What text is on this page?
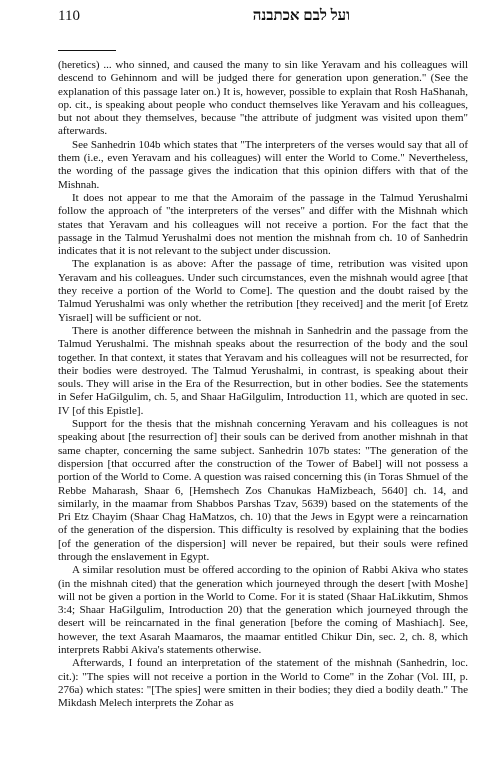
110	ועל לבם אכתבנה

(heretics) ... who sinned, and caused the many to sin like Yeravam and his colleagues will descend to Gehinnom and will be judged there for generation upon generation." (See the explanation of this passage later on.) It is, however, possible to explain that Rosh HaShanah, op. cit., is speaking about people who conduct themselves like Yeravam and his colleagues, but not about they themselves, because "the attribute of judgment was visited upon them" afterwards.

See Sanhedrin 104b which states that "The interpreters of the verses would say that all of them (i.e., even Yeravam and his colleagues) will enter the World to Come." Nevertheless, the wording of the passage gives the indication that this opinion differs with that of the Mishnah.

It does not appear to me that the Amoraim of the passage in the Talmud Yerushalmi follow the approach of "the interpreters of the verses" and differ with the Mishnah which states that Yeravam and his colleagues will not receive a portion. For the fact that the passage in the Talmud Yerushalmi does not mention the mishnah from ch. 10 of Sanhedrin indicates that it is not relevant to the subject under discussion.

The explanation is as above: After the passage of time, retribution was visited upon Yeravam and his colleagues. Under such circumstances, even the mishnah would agree [that they receive a portion of the World to Come]. The question and the doubt raised by the Talmud Yerushalmi was only whether the retribution [they received] and the merit [of Eretz Yisrael] will be sufficient or not.

There is another difference between the mishnah in Sanhedrin and the passage from the Talmud Yerushalmi. The mishnah speaks about the resurrection of the body and the soul together. In that context, it states that Yeravam and his colleagues will not be resurrected, for their bodies were destroyed. The Talmud Yerushalmi, in contrast, is speaking about their souls. They will arise in the Era of the Resurrection, but in other bodies. See the statements in Sefer HaGilgulim, ch. 5, and Shaar HaGilgulim, Introduction 11, which are quoted in sec. IV [of this Epistle].

Support for the thesis that the mishnah concerning Yeravam and his colleagues is not speaking about [the resurrection of] their souls can be derived from another mishnah in that same chapter, concerning the same subject. Sanhedrin 107b states: "The generation of the dispersion [that occurred after the construction of the Tower of Babel] will not possess a portion of the World to Come. A question was raised concerning this (in Toras Shmuel of the Rebbe Maharash, Shaar 6, [Hemshech Zos Chanukas HaMizbeach, 5640] ch. 14, and similarly, in the maamar from Shabbos Parshas Tzav, 5639) based on the statements of the Pri Etz Chayim (Shaar Chag HaMatzos, ch. 10) that the Jews in Egypt were a reincarnation of the generation of the dispersion. This difficulty is resolved by explaining that the bodies [of the generation of the dispersion] will never be repaired, but their souls were refined through the enslavement in Egypt.

A similar resolution must be offered according to the opinion of Rabbi Akiva who states (in the mishnah cited) that the generation which journeyed through the desert [with Moshe] will not be given a portion in the World to Come. For it is stated (Shaar HaLikkutim, Shmos 3:4; Shaar HaGilgulim, Introduction 20) that the generation which journeyed through the desert will be reincarnated in the final generation [before the coming of Mashiach]. See, however, the text Asarah Maamaros, the maamar entitled Chikur Din, sec. 2, ch. 8, which interprets Rabbi Akiva's statements otherwise.

Afterwards, I found an interpretation of the statement of the mishnah (Sanhedrin, loc. cit.): "The spies will not receive a portion in the World to Come" in the Zohar (Vol. III, p. 276a) which states: "[The spies] were smitten in their bodies; they died a bodily death." The Mikdash Melech interprets the Zohar as
